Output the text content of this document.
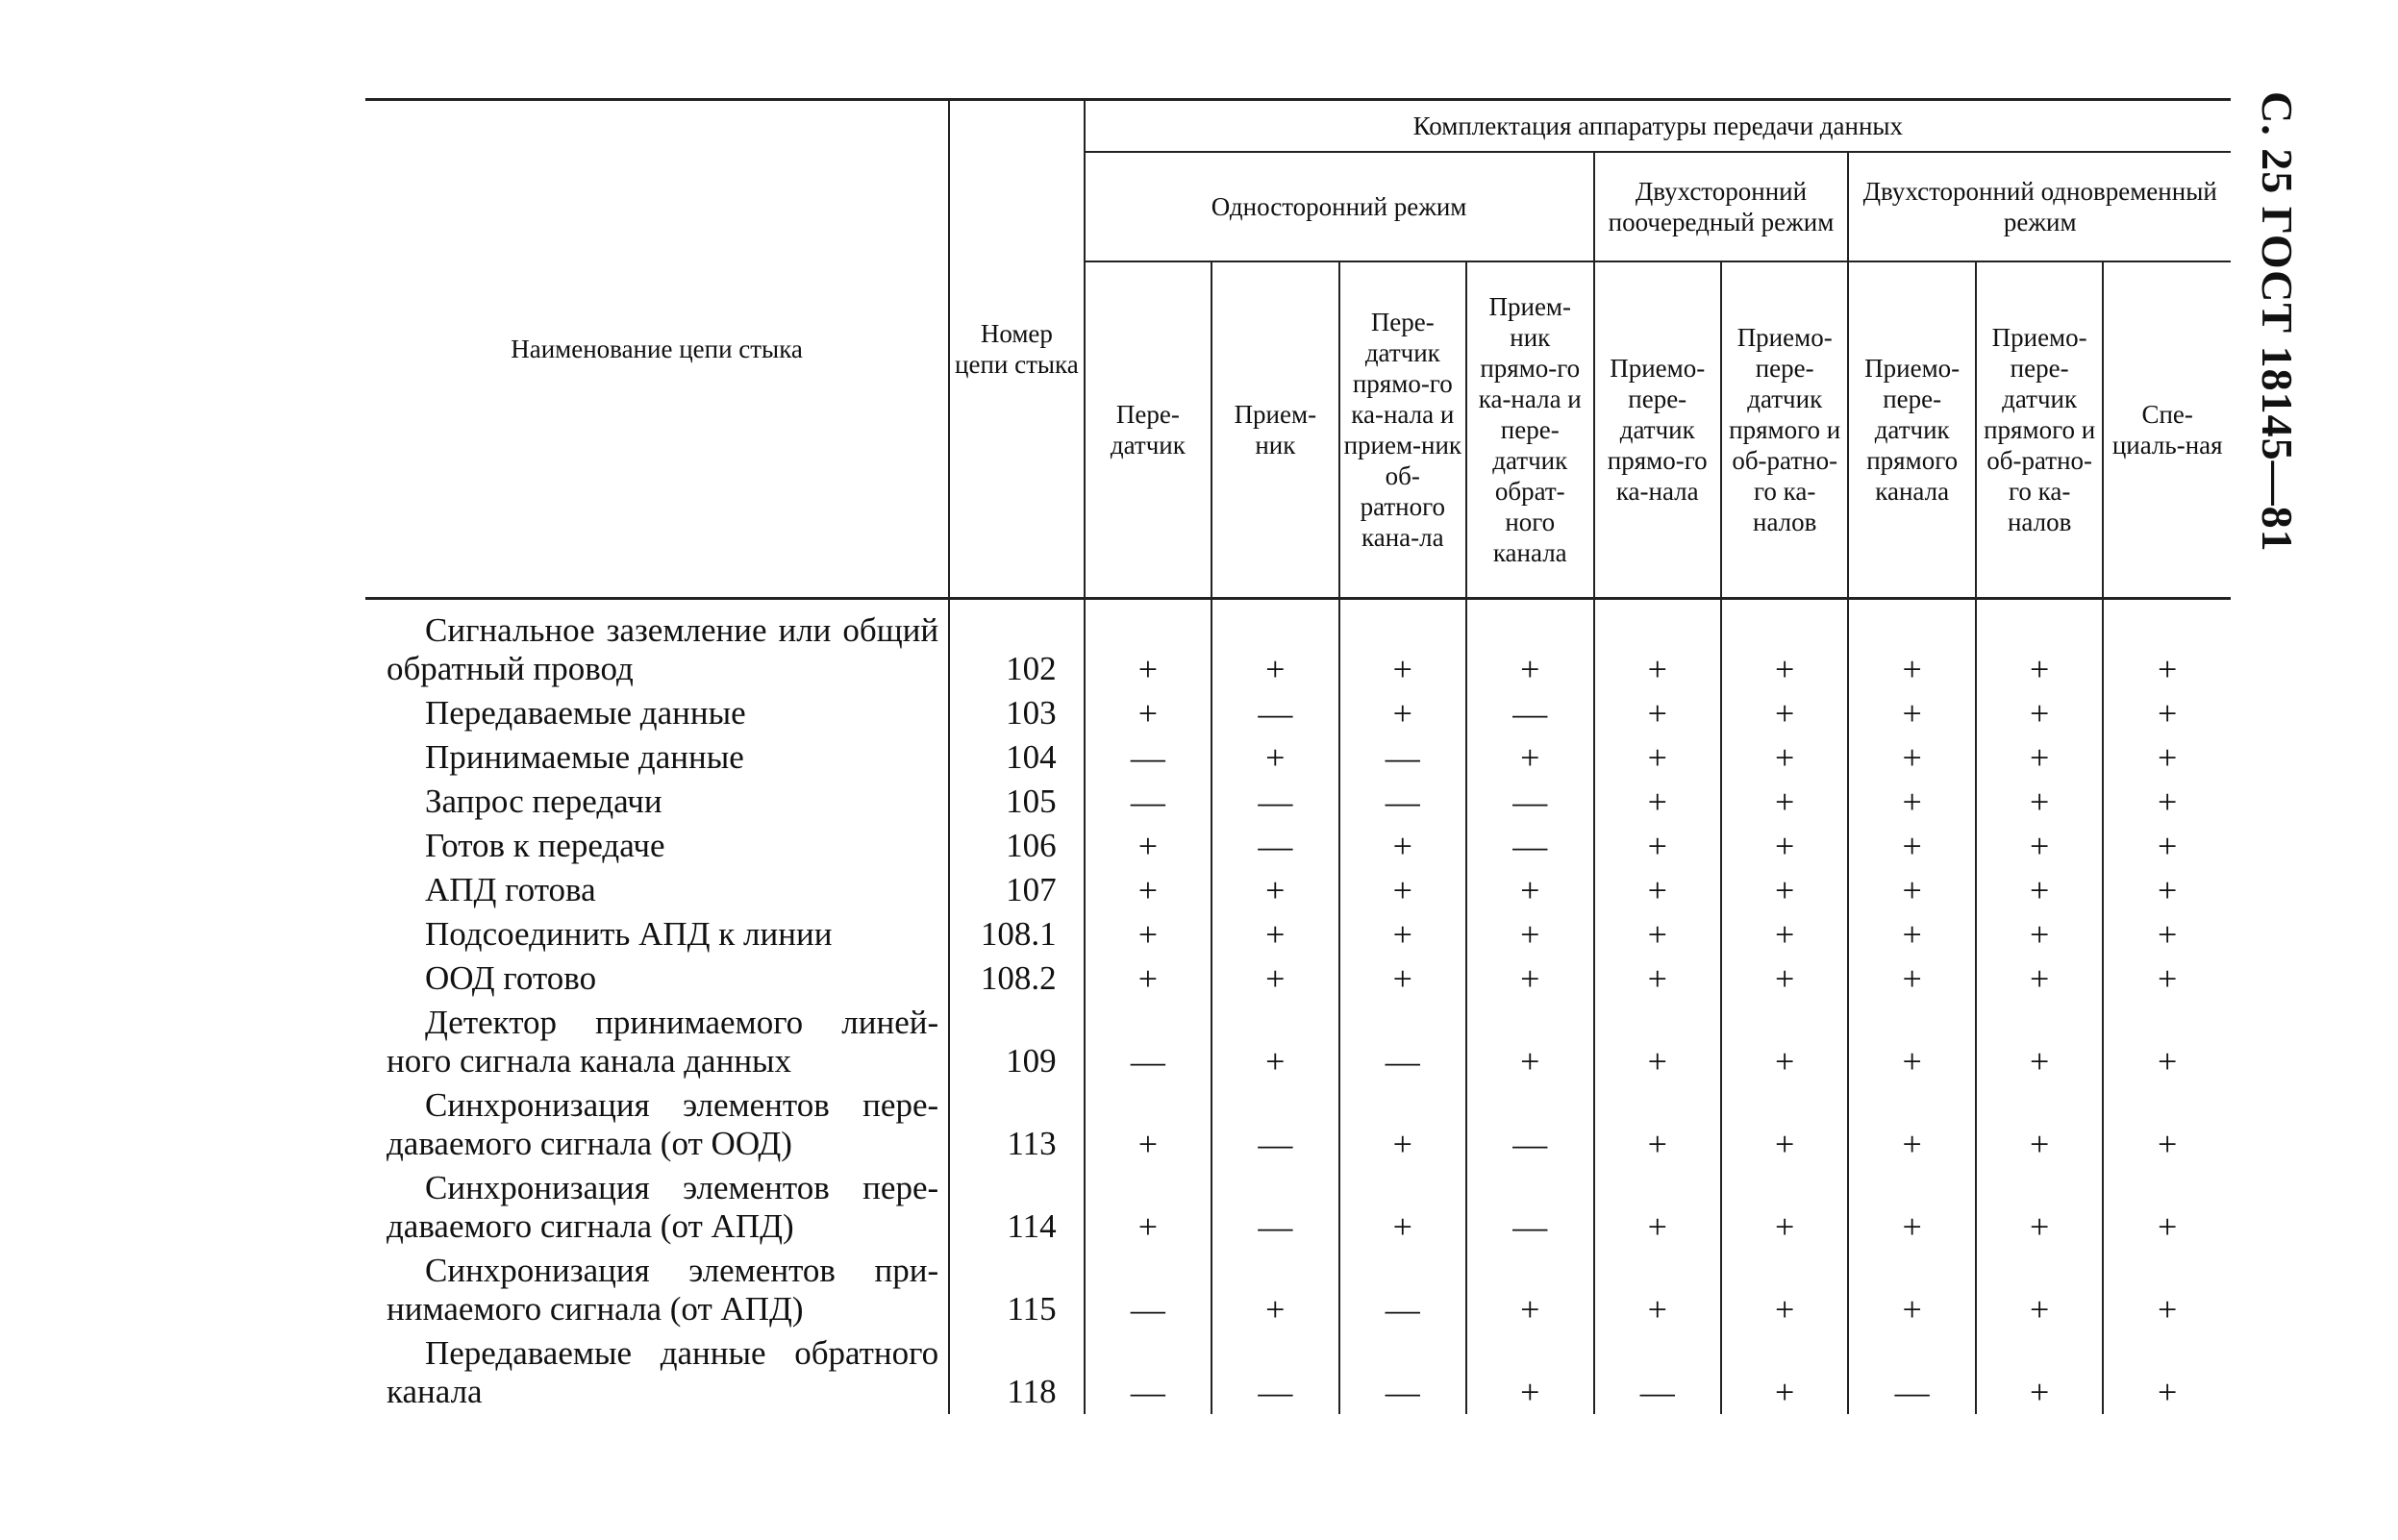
С. 25 ГОСТ 18145—81
Наименование цепи стыка	Номер цепи стыка	Комплектация аппаратуры передачи данных								
		Односторонний режим				Двухсторонний поочередный режим		Двухсторонний одновременный режим		
		Пере-датчик	Прием-ник	Пере-датчик прямо-го ка-нала и прием-ник об-ратного кана-ла	Прием-ник прямо-го ка-нала и пере-датчик обрат-ного канала	Приемо-пере-датчик прямо-го ка-нала	Приемо-пере-датчик прямого и об-ратно-го ка-налов	Приемо-пере-датчик прямого канала	Приемо-пере-датчик прямого и об-ратно-го ка-налов	Спе-циаль-ная
Сигнальное заземление или общий обратный провод	102	+	+	+	+	+	+	+	+	+
Передаваемые данные	103	+	—	+	—	+	+	+	+	+
Принимаемые данные	104	—	+	—	+	+	+	+	+	+
Запрос передачи	105	—	—	—	—	+	+	+	+	+
Готов к передаче	106	+	—	+	—	+	+	+	+	+
АПД готова	107	+	+	+	+	+	+	+	+	+
Подсоединить АПД к линии	108.1	+	+	+	+	+	+	+	+	+
ООД готово	108.2	+	+	+	+	+	+	+	+	+
Детектор принимаемого линей-ного сигнала канала данных	109	—	+	—	+	+	+	+	+	+
Синхронизация элементов пере-даваемого сигнала (от ООД)	113	+	—	+	—	+	+	+	+	+
Синхронизация элементов пере-даваемого сигнала (от АПД)	114	+	—	+	—	+	+	+	+	+
Синхронизация элементов при-нимаемого сигнала (от АПД)	115	—	+	—	+	+	+	+	+	+
Передаваемые данные обратного канала	118	—	—	—	+	—	+	—	+	+
